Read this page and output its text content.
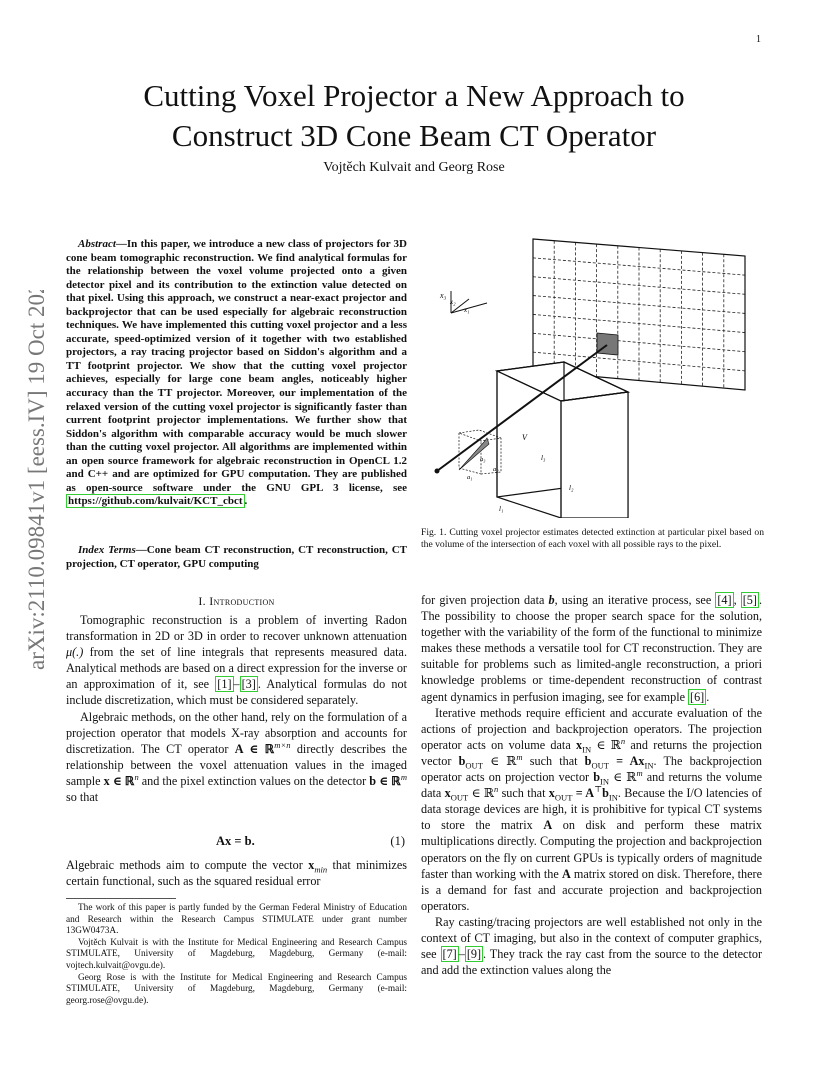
1
arXiv:2110.09841v1 [eess.IV] 19 Oct 2021
Cutting Voxel Projector a New Approach to
Construct 3D Cone Beam CT Operator
Vojtěch Kulvait and Georg Rose
Abstract—In this paper, we introduce a new class of projectors for 3D cone beam tomographic reconstruction. We find analytical formulas for the relationship between the voxel volume projected onto a given detector pixel and its contribution to the extinction value detected on that pixel. Using this approach, we construct a near-exact projector and backprojector that can be used especially for algebraic reconstruction techniques. We have implemented this cutting voxel projector and a less accurate, speed-optimized version of it together with two established projectors, a ray tracing projector based on Siddon's algorithm and a TT footprint projector. We show that the cutting voxel projector achieves, especially for large cone beam angles, noticeably higher accuracy than the TT projector. Moreover, our implementation of the relaxed version of the cutting voxel projector is significantly faster than current footprint projector implementations. We further show that Siddon's algorithm with comparable accuracy would be much slower than the cutting voxel projector. All algorithms are implemented within an open source framework for algebraic reconstruction in OpenCL 1.2 and C++ and are optimized for GPU computation. They are published as open-source software under the GNU GPL 3 license, see https://github.com/kulvait/KCT_cbct .
Index Terms—Cone beam CT reconstruction, CT reconstruction, CT projection, CT operator, GPU computing
I. Introduction

Tomographic reconstruction is a problem of inverting Radon transformation in 2D or 3D in order to recover unknown attenuation μ(.) from the set of line integrals that represents measured data. Analytical methods are based on a direct expression for the inverse or an approximation of it, see [1] – [3] . Analytical formulas do not include discretization, which must be considered separately.

Algebraic methods, on the other hand, rely on the formulation of a projection operator that models X-ray absorption and accounts for discretization. The CT operator A ∈ ℝ$^{m\times n}$ directly describes the relationship between the voxel attenuation values in the imaged sample x ∈ ℝ$^n$ and the pixel extinction values on the detector b ∈ ℝ$^m$ so that

Ax = b.	(1)

Algebraic methods aim to compute the vector $x_{min}$ that minimizes certain functional, such as the squared residual error

The work of this paper is partly funded by the German Federal Ministry of Education and Research within the Research Campus STIMULATE under grant number 13GW0473A.

Vojtěch Kulvait is with the Institute for Medical Engineering and Research Campus STIMULATE, University of Magdeburg, Magdeburg, Germany (e-mail: vojtech.kulvait@ovgu.de).

Georg Rose is with the Institute for Medical Engineering and Research Campus STIMULATE, University of Magdeburg, Magdeburg, Germany (e-mail: georg.rose@ovgu.de).

x₃
x₂
x₁
V
a₃
a₂
a₁
l₃
l₂
l₁
Fig. 1. Cutting voxel projector estimates detected extinction at particular pixel based on the volume of the intersection of each voxel with all possible rays to the pixel.

for given projection data b, using an iterative process, see [4] , [5] . The possibility to choose the proper search space for the solution, together with the variability of the form of the functional to minimize makes these methods a versatile tool for CT reconstruction. They are suitable for problems such as limited-angle reconstruction, a priori knowledge problems or time-dependent reconstruction of contrast agent dynamics in perfusion imaging, see for example [6] .

Iterative methods require efficient and accurate evaluation of the actions of projection and backprojection operators. The projection operator acts on volume data $x_{IN}$ ∈ ℝ$^n$ and returns the projection vector $b_{OUT}$ ∈ ℝ$^m$ such that $b_{OUT} = Ax_{IN}$. The backprojection operator acts on projection vector $b_{IN}$ ∈ ℝ$^m$ and returns the volume data $x_{OUT}$ ∈ ℝ$^n$ such that $x_{OUT} = A^⊤b_{IN}$. Because the I/O latencies of data storage devices are high, it is prohibitive for typical CT systems to store the matrix A on disk and perform these matrix multiplications directly. Computing the projection and backprojection operators on the fly on current GPUs is typically orders of magnitude faster than working with the A matrix stored on disk. Therefore, there is a demand for fast and accurate projection and backprojection operators.

Ray casting/tracing projectors are well established not only in the context of CT imaging, but also in the context of computer graphics, see [7] – [9] . They track the ray cast from the source to the detector and add the extinction values along the
